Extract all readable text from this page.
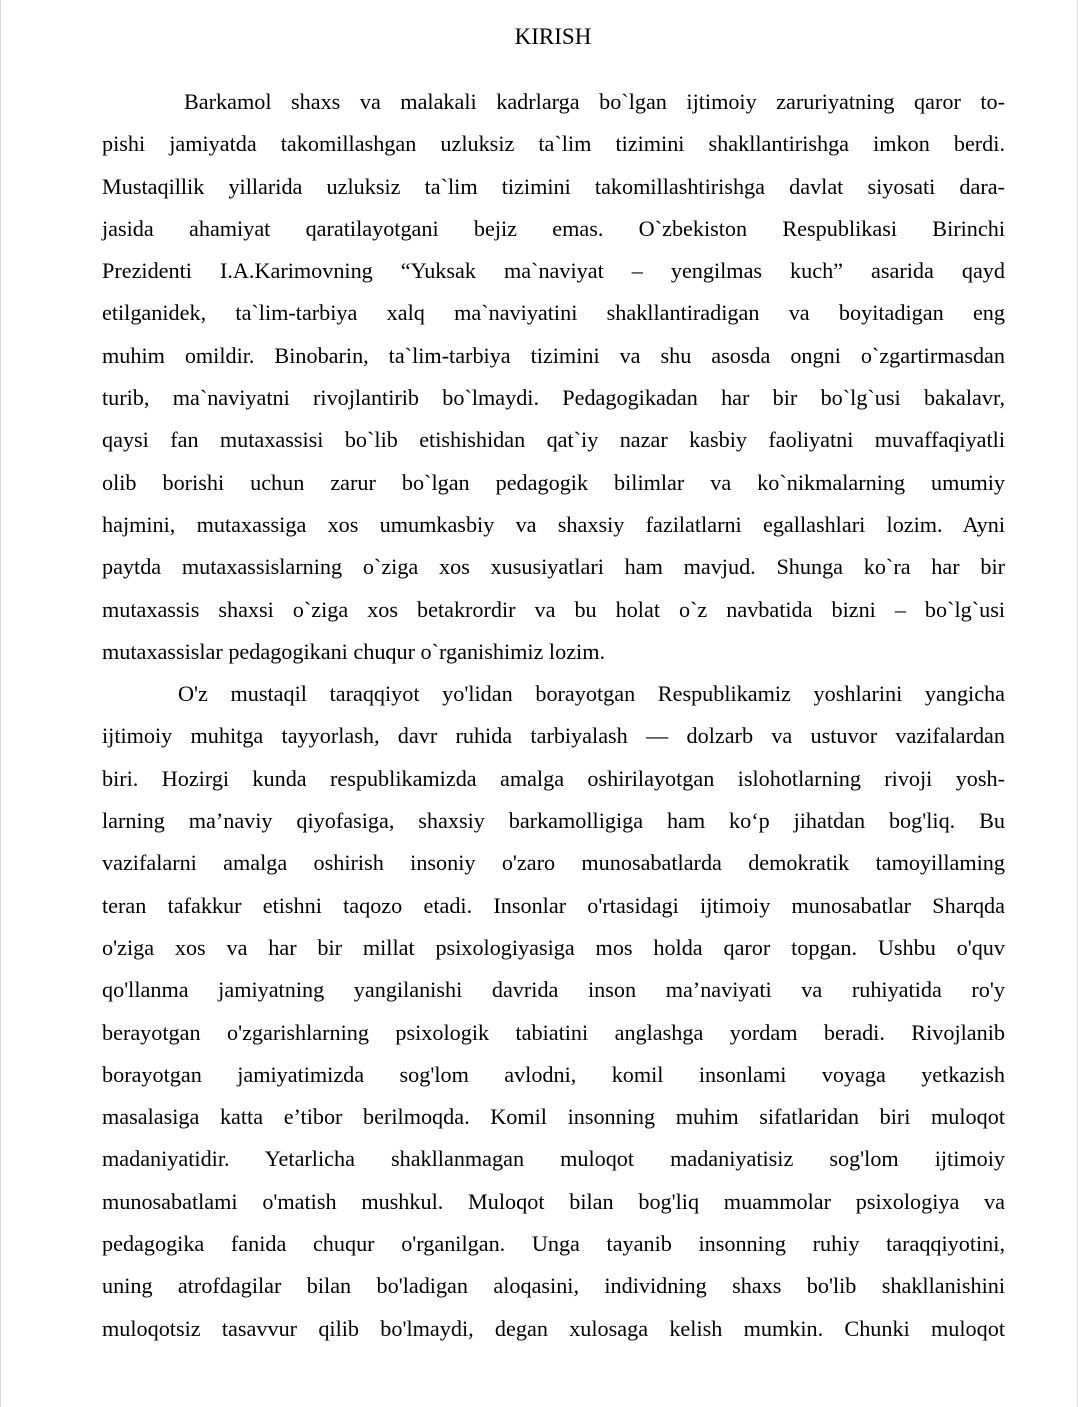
KIRISH
Barkamol shaxs va malakali kadrlarga bo`lgan ijtimoiy zaruriyatning qaror to-
pishi jamiyatda takomillashgan uzluksiz ta`lim tizimini shakllantirishga imkon berdi.
Mustaqillik yillarida uzluksiz ta`lim tizimini takomillashtirishga davlat siyosati dara-
jasida ahamiyat qaratilayotgani bejiz emas. O`zbekiston Respublikasi Birinchi
Prezidenti I.A.Karimovning “Yuksak ma`naviyat – yengilmas kuch” asarida qayd
etilganidek, ta`lim-tarbiya xalq ma`naviyatini shakllantiradigan va boyitadigan eng
muhim omildir. Binobarin, ta`lim-tarbiya tizimini va shu asosda ongni o`zgartirmasdan
turib, ma`naviyatni rivojlantirib bo`lmaydi. Pedagogikadan har bir bo`lg`usi bakalavr,
qaysi fan mutaxassisi bo`lib etishishidan qat`iy nazar kasbiy faoliyatni muvaffaqiyatli
olib borishi uchun zarur bo`lgan pedagogik bilimlar va ko`nikmalarning umumiy
hajmini, mutaxassiga xos umumkasbiy va shaxsiy fazilatlarni egallashlari lozim. Ayni
paytda mutaxassislarning o`ziga xos xususiyatlari ham mavjud. Shunga ko`ra har bir
mutaxassis shaxsi o`ziga xos betakrordir va bu holat o`z navbatida bizni – bo`lg`usi
mutaxassislar pedagogikani chuqur o`rganishimiz lozim.
O'z mustaqil taraqqiyot yo'lidan borayotgan Respublikamiz yoshlarini yangicha
ijtimoiy muhitga tayyorlash, davr ruhida tarbiyalash — dolzarb va ustuvor vazifalardan
biri. Hozirgi kunda respublikamizda amalga oshirilayotgan islohotlarning rivoji yosh-
larning ma’naviy qiyofasiga, shaxsiy barkamolligiga ham ko‘p jihatdan bog'liq. Bu
vazifalarni amalga oshirish insoniy o'zaro munosabatlarda demokratik tamoyillaming
teran tafakkur etishni taqozo etadi. Insonlar o'rtasidagi ijtimoiy munosabatlar Sharqda
o'ziga xos va har bir millat psixologiyasiga mos holda qaror topgan. Ushbu o'quv
qo'llanma jamiyatning yangilanishi davrida inson ma’naviyati va ruhiyatida ro'y
berayotgan o'zgarishlarning psixologik tabiatini anglashga yordam beradi. Rivojlanib
borayotgan jamiyatimizda sog'lom avlodni, komil insonlami voyaga yetkazish
masalasiga katta e’tibor berilmoqda. Komil insonning muhim sifatlaridan biri muloqot
madaniyatidir. Yetarlicha shakllanmagan muloqot madaniyatisiz sog'lom ijtimoiy
munosabatlami o'matish mushkul. Muloqot bilan bog'liq muammolar psixologiya va
pedagogika fanida chuqur o'rganilgan. Unga tayanib insonning ruhiy taraqqiyotini,
uning atrofdagilar bilan bo'ladigan aloqasini, individning shaxs bo'lib shakllanishini
muloqotsiz tasavvur qilib bo'lmaydi, degan xulosaga kelish mumkin. Chunki muloqot
